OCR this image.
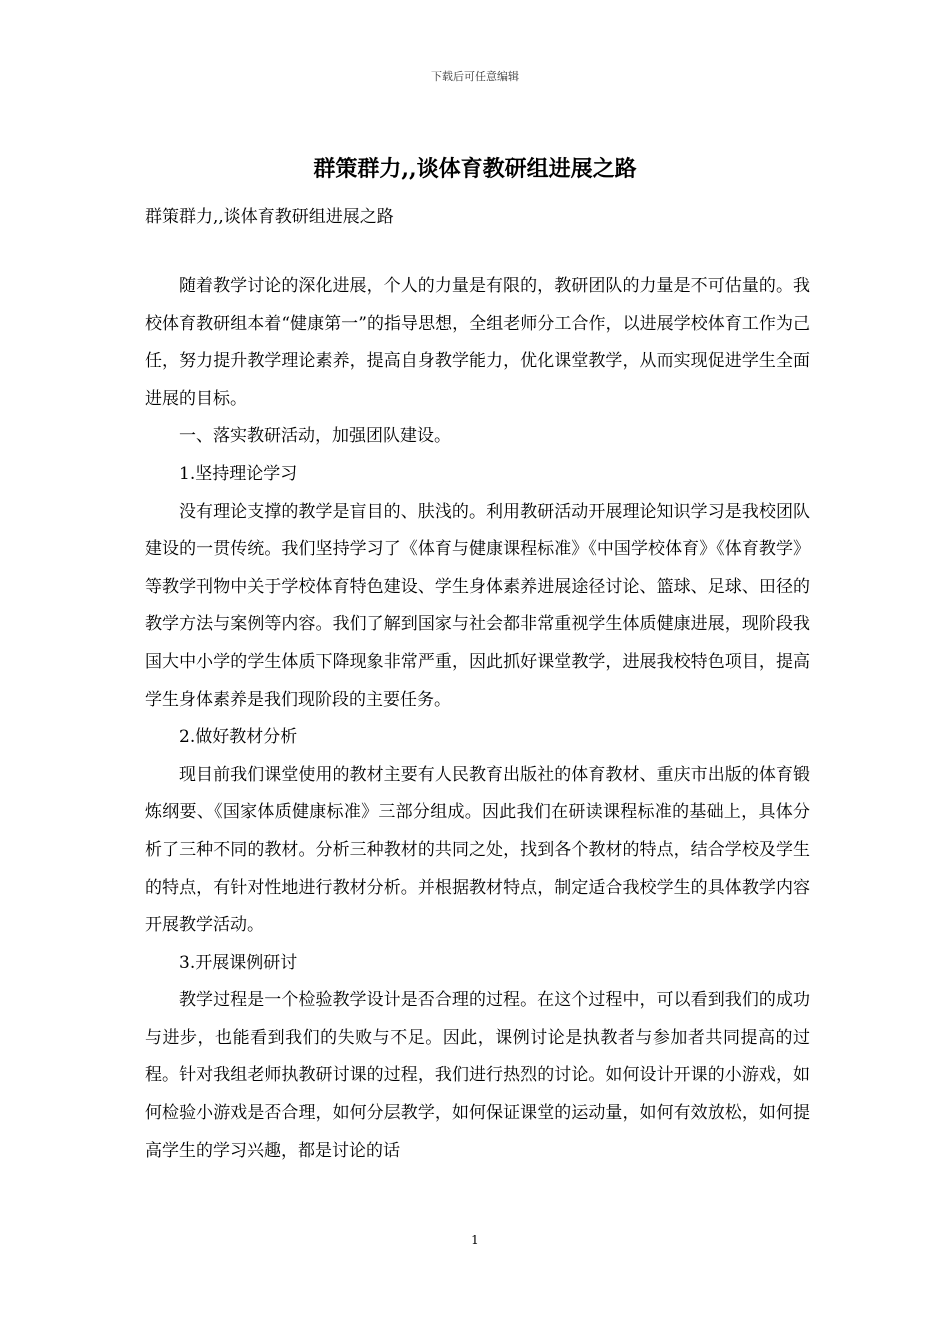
下载后可任意编辑
群策群力,,谈体育教研组进展之路

群策群力,,谈体育教研组进展之路

随着教学讨论的深化进展，个人的力量是有限的，教研团队的力量是不可估量的。我校体育教研组本着“健康第一”的指导思想，全组老师分工合作，以进展学校体育工作为己任，努力提升教学理论素养，提高自身教学能力，优化课堂教学，从而实现促进学生全面进展的目标。

一、落实教研活动，加强团队建设。

1.坚持理论学习

没有理论支撑的教学是盲目的、肤浅的。利用教研活动开展理论知识学习是我校团队建设的一贯传统。我们坚持学习了《体育与健康课程标准》《中国学校体育》《体育教学》等教学刊物中关于学校体育特色建设、学生身体素养进展途径讨论、篮球、足球、田径的教学方法与案例等内容。我们了解到国家与社会都非常重视学生体质健康进展，现阶段我国大中小学的学生体质下降现象非常严重，因此抓好课堂教学，进展我校特色项目，提高学生身体素养是我们现阶段的主要任务。

2.做好教材分析

现目前我们课堂使用的教材主要有人民教育出版社的体育教材、重庆市出版的体育锻炼纲要、《国家体质健康标准》三部分组成。因此我们在研读课程标准的基础上，具体分析了三种不同的教材。分析三种教材的共同之处，找到各个教材的特点，结合学校及学生的特点，有针对性地进行教材分析。并根据教材特点，制定适合我校学生的具体教学内容开展教学活动。

3.开展课例研讨

教学过程是一个检验教学设计是否合理的过程。在这个过程中，可以看到我们的成功与进步，也能看到我们的失败与不足。因此，课例讨论是执教者与参加者共同提高的过程。针对我组老师执教研讨课的过程，我们进行热烈的讨论。如何设计开课的小游戏，如何检验小游戏是否合理，如何分层教学，如何保证课堂的运动量，如何有效放松，如何提高学生的学习兴趣，都是讨论的话

1
